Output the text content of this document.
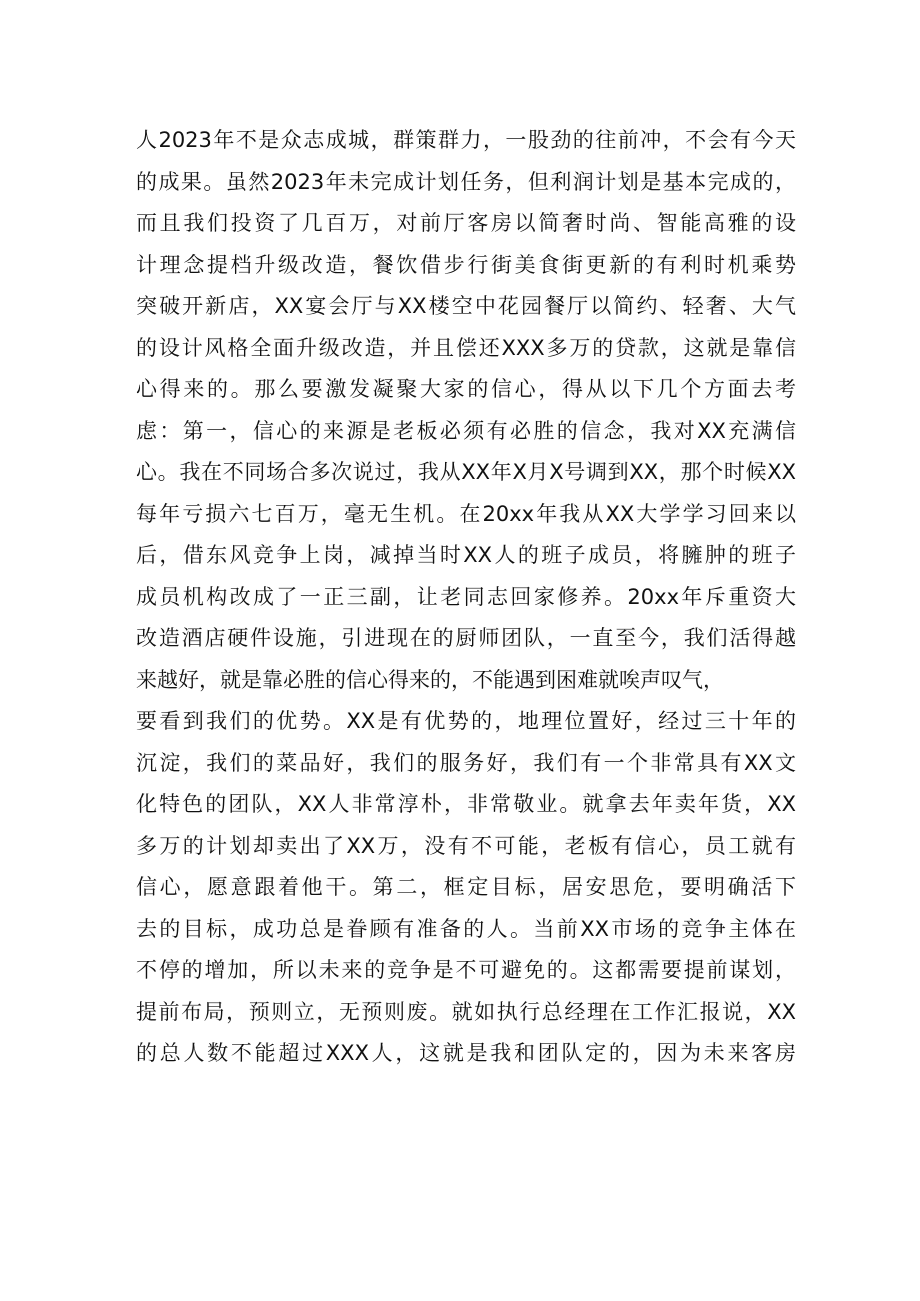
人2023年不是众志成城，群策群力，一股劲的往前冲，不会有今天
的成果。虽然2023年未完成计划任务，但利润计划是基本完成的，
而且我们投资了几百万，对前厅客房以简奢时尚、智能高雅的设
计理念提档升级改造，餐饮借步行街美食街更新的有利时机乘势
突破开新店，XX宴会厅与XX楼空中花园餐厅以简约、轻奢、大气
的设计风格全面升级改造，并且偿还XXX多万的贷款，这就是靠信
心得来的。那么要激发凝聚大家的信心，得从以下几个方面去考
虑：第一，信心的来源是老板必须有必胜的信念，我对XX充满信
心。我在不同场合多次说过，我从XX年X月X号调到XX，那个时候XX
每年亏损六七百万，毫无生机。在20xx年我从XX大学学习回来以
后，借东风竞争上岗，减掉当时XX人的班子成员，将臃肿的班子
成员机构改成了一正三副，让老同志回家修养。20xx年斥重资大
改造酒店硬件设施，引进现在的厨师团队，一直至今，我们活得越
来越好，就是靠必胜的信心得来的，不能遇到困难就唉声叹气，
要看到我们的优势。XX是有优势的，地理位置好，经过三十年的
沉淀，我们的菜品好，我们的服务好，我们有一个非常具有XX文
化特色的团队，XX人非常淳朴，非常敬业。就拿去年卖年货，XX
多万的计划却卖出了XX万，没有不可能，老板有信心，员工就有
信心，愿意跟着他干。第二，框定目标，居安思危，要明确活下
去的目标，成功总是眷顾有准备的人。当前XX市场的竞争主体在
不停的增加，所以未来的竞争是不可避免的。这都需要提前谋划，
提前布局，预则立，无预则废。就如执行总经理在工作汇报说，XX
的总人数不能超过XXX人，这就是我和团队定的，因为未来客房
